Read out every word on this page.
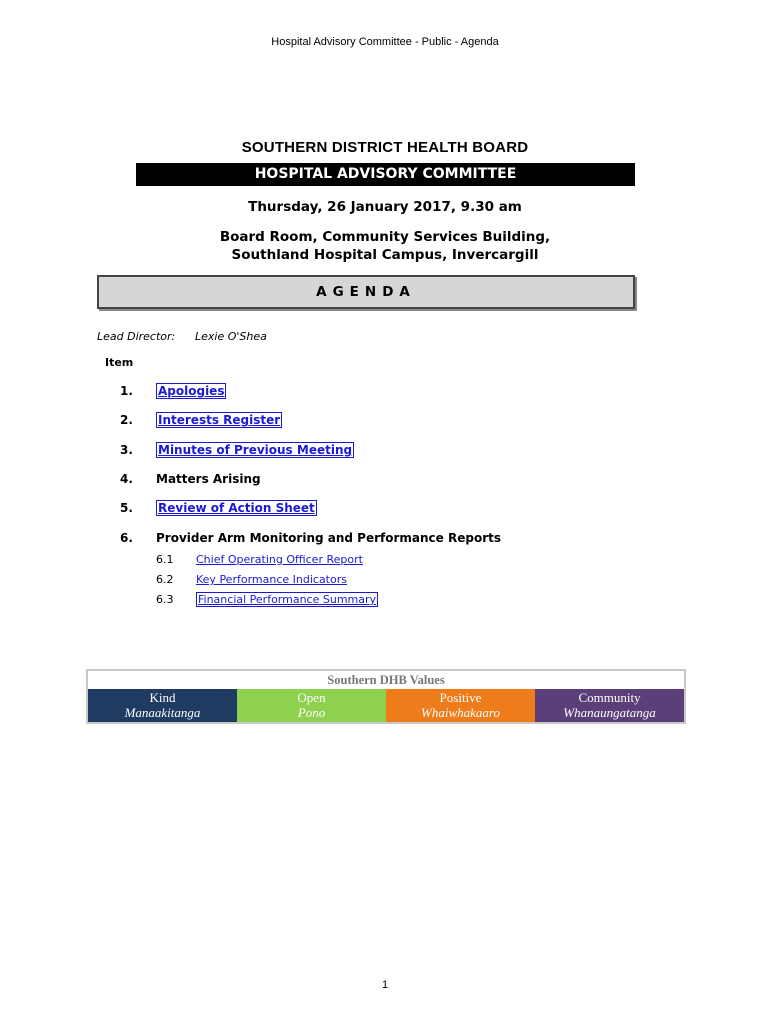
Hospital Advisory Committee - Public - Agenda
SOUTHERN DISTRICT HEALTH BOARD
HOSPITAL ADVISORY COMMITTEE
Thursday, 26 January 2017, 9.30 am
Board Room, Community Services Building,
Southland Hospital Campus, Invercargill
AGENDA
Lead Director: Lexie O'Shea
Item
1. Apologies
2. Interests Register
3. Minutes of Previous Meeting
4. Matters Arising
5. Review of Action Sheet
6. Provider Arm Monitoring and Performance Reports
6.1 Chief Operating Officer Report
6.2 Key Performance Indicators
6.3 Financial Performance Summary
Southern DHB Values
Kind
Manaakitanga
Open
Pono
Positive
Whaiwhakaaro
Community
Whanaungatanga
1
